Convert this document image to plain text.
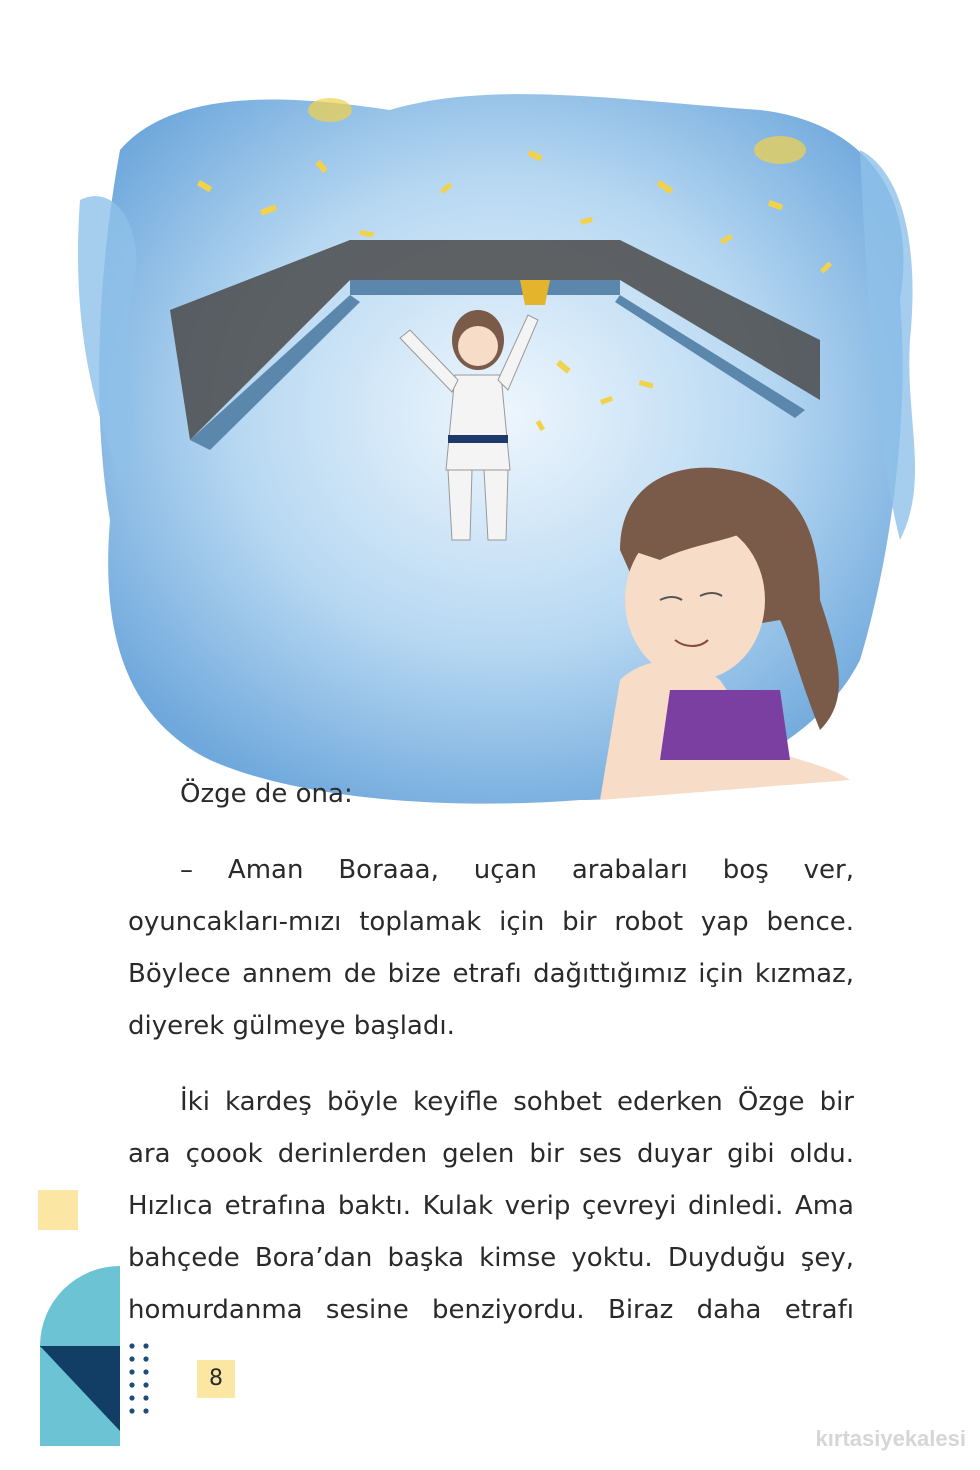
Özge de ona:

– Aman Boraaa, uçan arabaları boş ver, oyuncakları-mızı toplamak için bir robot yap bence. Böylece annem de bize etrafı dağıttığımız için kızmaz, diyerek gülmeye başladı.

İki kardeş böyle keyifle sohbet ederken Özge bir ara çoook derinlerden gelen bir ses duyar gibi oldu. Hızlıca etrafına baktı. Kulak verip çevreyi dinledi. Ama bahçede Bora’dan başka kimse yoktu. Duyduğu şey, homurdanma sesine benziyordu. Biraz daha etrafı

8
kırtasiyekalesi
